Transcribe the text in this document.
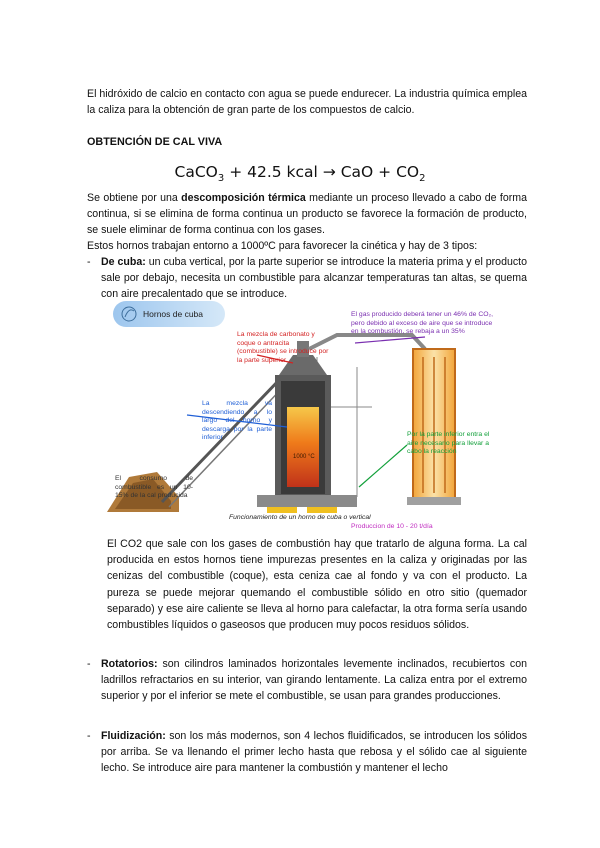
El hidróxido de calcio en contacto con agua se puede endurecer. La industria química emplea la caliza para la obtención de gran parte de los compuestos de calcio.

OBTENCIÓN DE CAL VIVA

CaCO$_3$ + 42.5 kcal → CaO + $CO_2$

Se obtiene por una descomposición térmica mediante un proceso llevado a cabo de forma continua, si se elimina de forma continua un producto se favorece la formación de producto, se suele eliminar de forma continua con los gases.

Estos hornos trabajan entorno a 1000ºC para favorecer la cinética y hay de 3 tipos:

- De cuba: un cuba vertical, por la parte superior se introduce la materia prima y el producto sale por debajo, necesita un combustible para alcanzar temperaturas tan altas, se quema con aire precalentado que se introduce.
Hornos de cuba
La mezcla de carbonato y coque o antracita (combustible) se introduce por la parte superior
El gas producido deberá tener un 46% de CO₂, pero debido al exceso de aire que se introduce en la combustión, se rebaja a un 35%
La mezcla va descendiendo a lo largo del horno y descarga por la parte inferior	Por la parte inferior entra el aire necesario para llevar a cabo la reacción
El consumo de combustible es un 10-15% de la cal producida
1000 °C
Funcionamiento de un horno de cuba o vertical
Produccion de 10 - 20 t/día

El CO2 que sale con los gases de combustión hay que tratarlo de alguna forma. La cal producida en estos hornos tiene impurezas presentes en la caliza y originadas por las cenizas del combustible (coque), esta ceniza cae al fondo y va con el producto. La pureza se puede mejorar quemando el combustible sólido en otro sitio (quemador separado) y ese aire caliente se lleva al horno para calefactar, la otra forma sería usando combustibles líquidos o gaseosos que producen muy pocos residuos sólidos.

- Rotatorios: son cilindros laminados horizontales levemente inclinados, recubiertos con ladrillos refractarios en su interior, van girando lentamente. La caliza entra por el extremo superior y por el inferior se mete el combustible, se usan para grandes producciones.
- Fluidización: son los más modernos, son 4 lechos fluidificados, se introducen los sólidos por arriba. Se va llenando el primer lecho hasta que rebosa y el sólido cae al siguiente lecho. Se introduce aire para mantener la combustión y mantener el lecho
